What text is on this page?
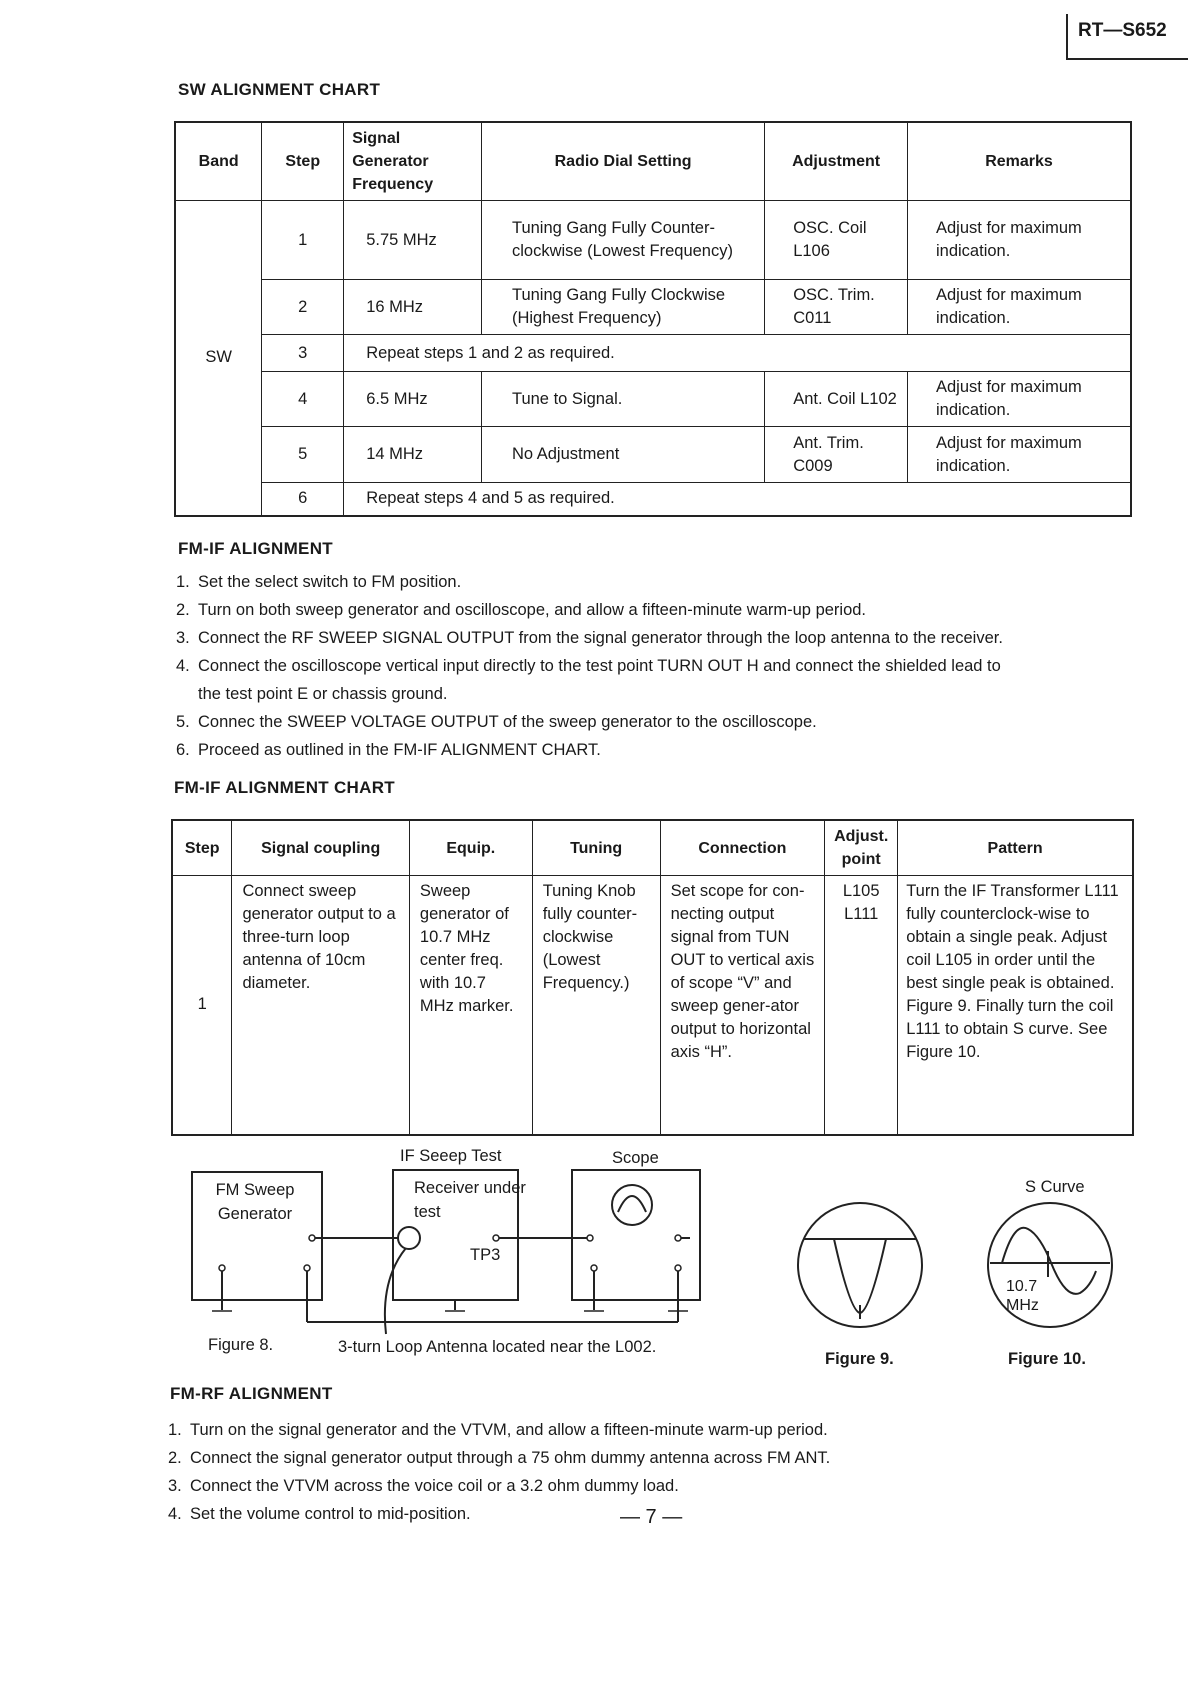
RT—S652
SW ALIGNMENT CHART
Band	Step	Signal Generator Frequency	Radio Dial Setting	Adjustment	Remarks
SW	1	5.75 MHz	Tuning Gang Fully Counter-clockwise (Lowest Frequency)	OSC. Coil L106	Adjust for maximum indication.
	2	16 MHz	Tuning Gang Fully Clockwise (Highest Frequency)	OSC. Trim. C011	Adjust for maximum indication.
	3	Repeat steps 1 and 2 as required.			
	4	6.5 MHz	Tune to Signal.	Ant. Coil L102	Adjust for maximum indication.
	5	14 MHz	No Adjustment	Ant. Trim. C009	Adjust for maximum indication.
	6	Repeat steps 4 and 5 as required.			
FM-IF ALIGNMENT
1. Set the select switch to FM position.
2. Turn on both sweep generator and oscilloscope, and allow a fifteen-minute warm-up period.
3. Connect the RF SWEEP SIGNAL OUTPUT from the signal generator through the loop antenna to the receiver.
4. Connect the oscilloscope vertical input directly to the test point TURN OUT H and connect the shielded lead to
the test point E or chassis ground.
5. Connec the SWEEP VOLTAGE OUTPUT of the sweep generator to the oscilloscope.
6. Proceed as outlined in the FM-IF ALIGNMENT CHART.
FM-IF ALIGNMENT CHART
Step	Signal coupling	Equip.	Tuning	Connection	Adjust. point	Pattern
1	Connect sweep generator output to a three-turn loop antenna of 10cm diameter.	Sweep generator of 10.7 MHz center freq. with 10.7 MHz marker.	Tuning Knob fully counter-clockwise (Lowest Frequency.)	Set scope for con-necting output signal from TUN OUT to vertical axis of scope “V” and sweep gener-ator output to horizontal axis “H”.	L105 L111	Turn the IF Transformer L111 fully counterclock-wise to obtain a single peak. Adjust coil L105 in order until the best single peak is obtained. Figure 9. Finally turn the coil L111 to obtain S curve. See Figure 10.
IF Seeep Test	Scope
FM Sweep Generator
Receiver under test
TP3
Figure 8.	3-turn Loop Antenna located near the L002.
Figure 9.
S Curve
10.7 MHz
Figure 10.
FM-RF ALIGNMENT
1. Turn on the signal generator and the VTVM, and allow a fifteen-minute warm-up period.
2. Connect the signal generator output through a 75 ohm dummy antenna across FM ANT.
3. Connect the VTVM across the voice coil or a 3.2 ohm dummy load.
4. Set the volume control to mid-position.	— 7 —
